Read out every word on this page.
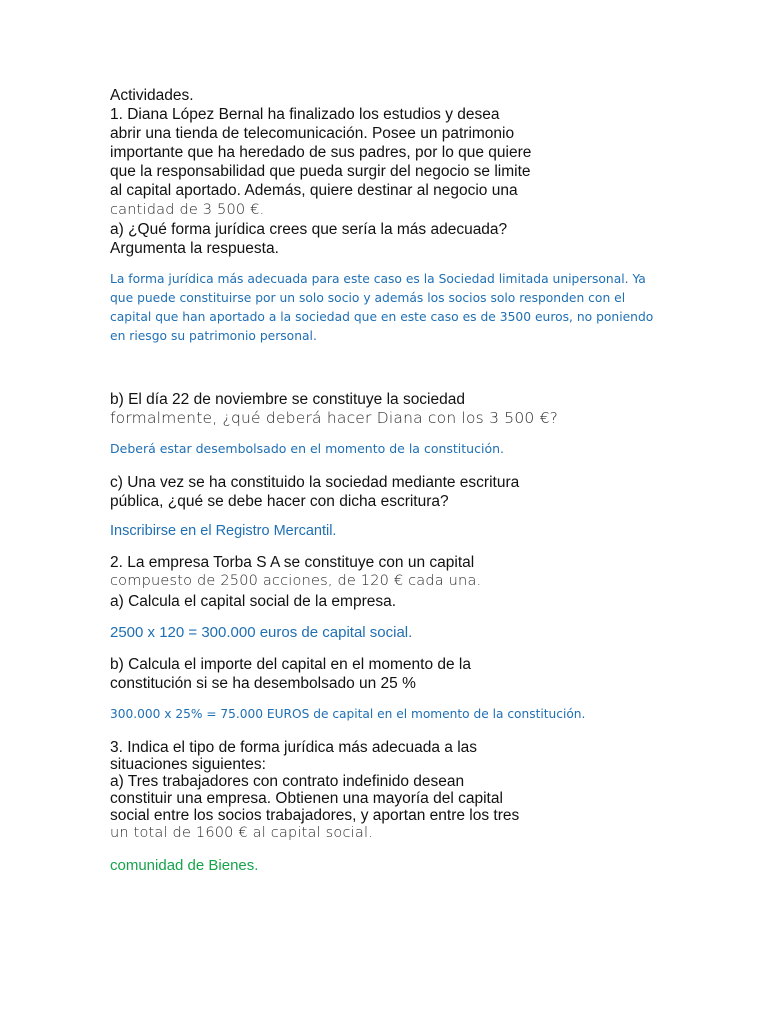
Actividades.
1. Diana López Bernal ha finalizado los estudios y desea
abrir una tienda de telecomunicación. Posee un patrimonio
importante que ha heredado de sus padres, por lo que quiere
que la responsabilidad que pueda surgir del negocio se limite
al capital aportado. Además, quiere destinar al negocio una
cantidad de 3 500 €.
a) ¿Qué forma jurídica crees que sería la más adecuada?
Argumenta la respuesta.
La forma jurídica más adecuada para este caso es la Sociedad limitada unipersonal. Ya
que puede constituirse por un solo socio y además los socios solo responden con el
capital que han aportado a la sociedad que en este caso es de 3500 euros, no poniendo
en riesgo su patrimonio personal.
b) El día 22 de noviembre se constituye la sociedad
formalmente, ¿qué deberá hacer Diana con los 3 500 €?
Deberá estar desembolsado en el momento de la constitución.
c) Una vez se ha constituido la sociedad mediante escritura
pública, ¿qué se debe hacer con dicha escritura?
Inscribirse en el Registro Mercantil.
2. La empresa Torba S A se constituye con un capital
compuesto de 2500 acciones, de 120 € cada una.
a) Calcula el capital social de la empresa.
2500 x 120 = 300.000 euros de capital social.
b) Calcula el importe del capital en el momento de la
constitución si se ha desembolsado un 25 %
300.000 x 25% = 75.000 EUROS de capital en el momento de la constitución.
3. Indica el tipo de forma jurídica más adecuada a las
situaciones siguientes:
a) Tres trabajadores con contrato indefinido desean
constituir una empresa. Obtienen una mayoría del capital
social entre los socios trabajadores, y aportan entre los tres
un total de 1600 € al capital social.
comunidad de Bienes.
